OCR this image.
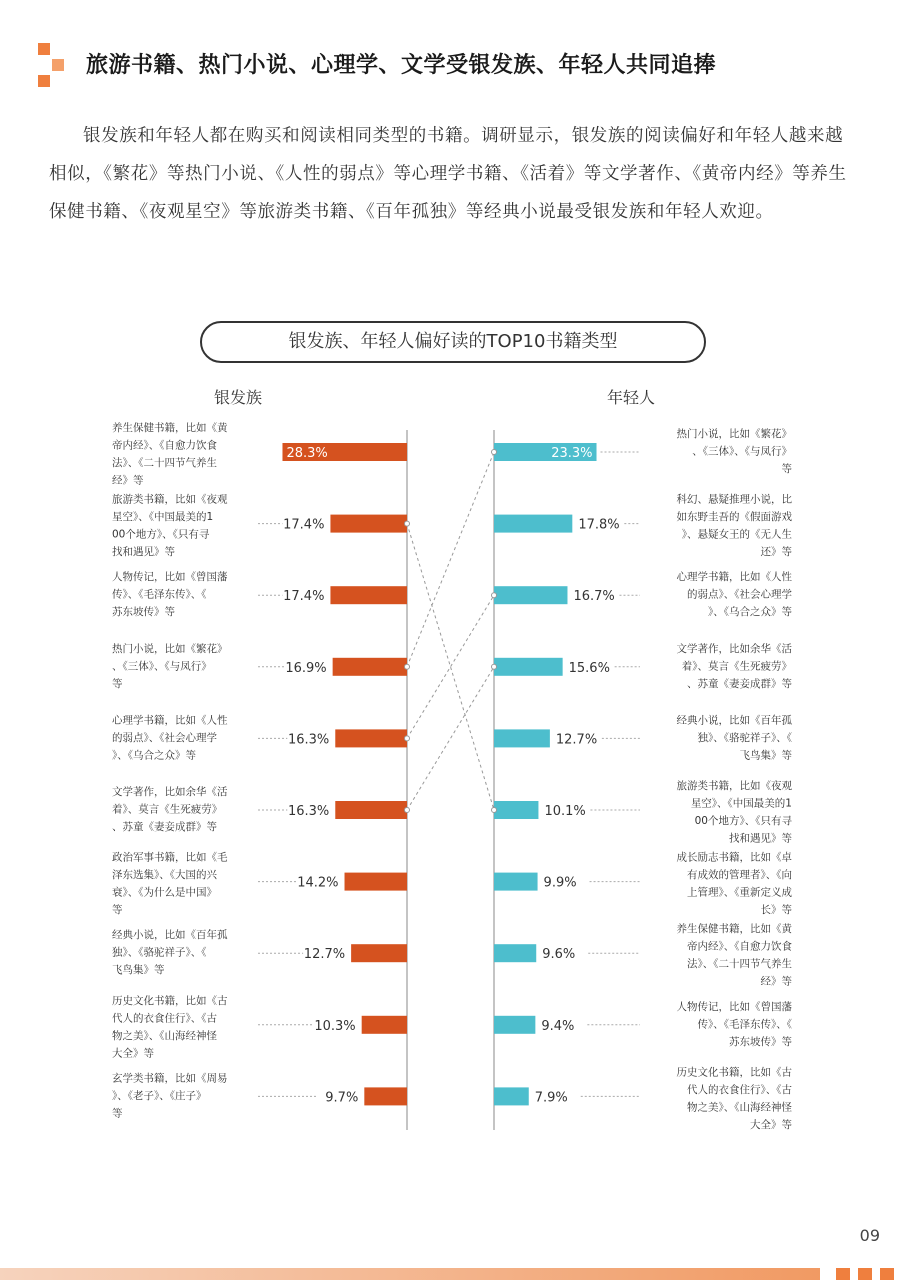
旅游书籍、热门小说、心理学、文学受银发族、年轻人共同追捧
银发族和年轻人都在购买和阅读相同类型的书籍。调研显示，银发族的阅读偏好和年轻人越来越相似，《繁花》等热门小说、《人性的弱点》等心理学书籍、《活着》等文学著作、《黄帝内经》等养生保健书籍、《夜观星空》等旅游类书籍、《百年孤独》等经典小说最受银发族和年轻人欢迎。
银发族、年轻人偏好读的TOP10书籍类型
银发族	年轻人
28.3%
养生保健书籍，比如《黄帝内经》、《自愈力饮食法》、《二十四节气养生经》等
17.4%
旅游类书籍，比如《夜观星空》、《中国最美的1 00个地方》、《只有寻找和遇见》等
17.4%
人物传记，比如《曾国藩传》、《毛泽东传》、《苏东坡传》等
16.9%
热门小说，比如《繁花》、《三体》、《与凤行》等
16.3%
心理学书籍，比如《人性的弱点》、《社会心理学》、《乌合之众》等
16.3%
文学著作，比如余华《活着》、莫言《生死疲劳》、苏童《妻妾成群》等
14.2%
政治军事书籍，比如《毛泽东选集》、《大国的兴衰》、《为什么是中国》等
12.7%
经典小说，比如《百年孤独》、《骆驼祥子》、《飞鸟集》等
10.3%
历史文化书籍，比如《古代人的衣食住行》、《古物之美》、《山海经神怪大全》等
9.7%
玄学类书籍，比如《周易》、《老子》、《庄子》等
23.3%
热门小说，比如《繁花》、《三体》、《与凤行》等
17.8%
科幻、悬疑推理小说，比如东野圭吾的《假面游戏》、悬疑女王的《无人生还》等
16.7%
心理学书籍，比如《人性的弱点》、《社会心理学》、《乌合之众》等
15.6%
文学著作，比如余华《活着》、莫言《生死疲劳》、苏童《妻妾成群》等
12.7%
经典小说，比如《百年孤独》、《骆驼祥子》、《飞鸟集》等
10.1%
旅游类书籍，比如《夜观星空》、《中国最美的1 00个地方》、《只有寻找和遇见》等
9.9%
成长励志书籍，比如《卓有成效的管理者》、《向上管理》、《重新定义成长》等
9.6%
养生保健书籍，比如《黄帝内经》、《自愈力饮食法》、《二十四节气养生经》等
9.4%
人物传记，比如《曾国藩传》、《毛泽东传》、《苏东坡传》等
7.9%
历史文化书籍，比如《古代人的衣食住行》、《古物之美》、《山海经神怪大全》等
09
